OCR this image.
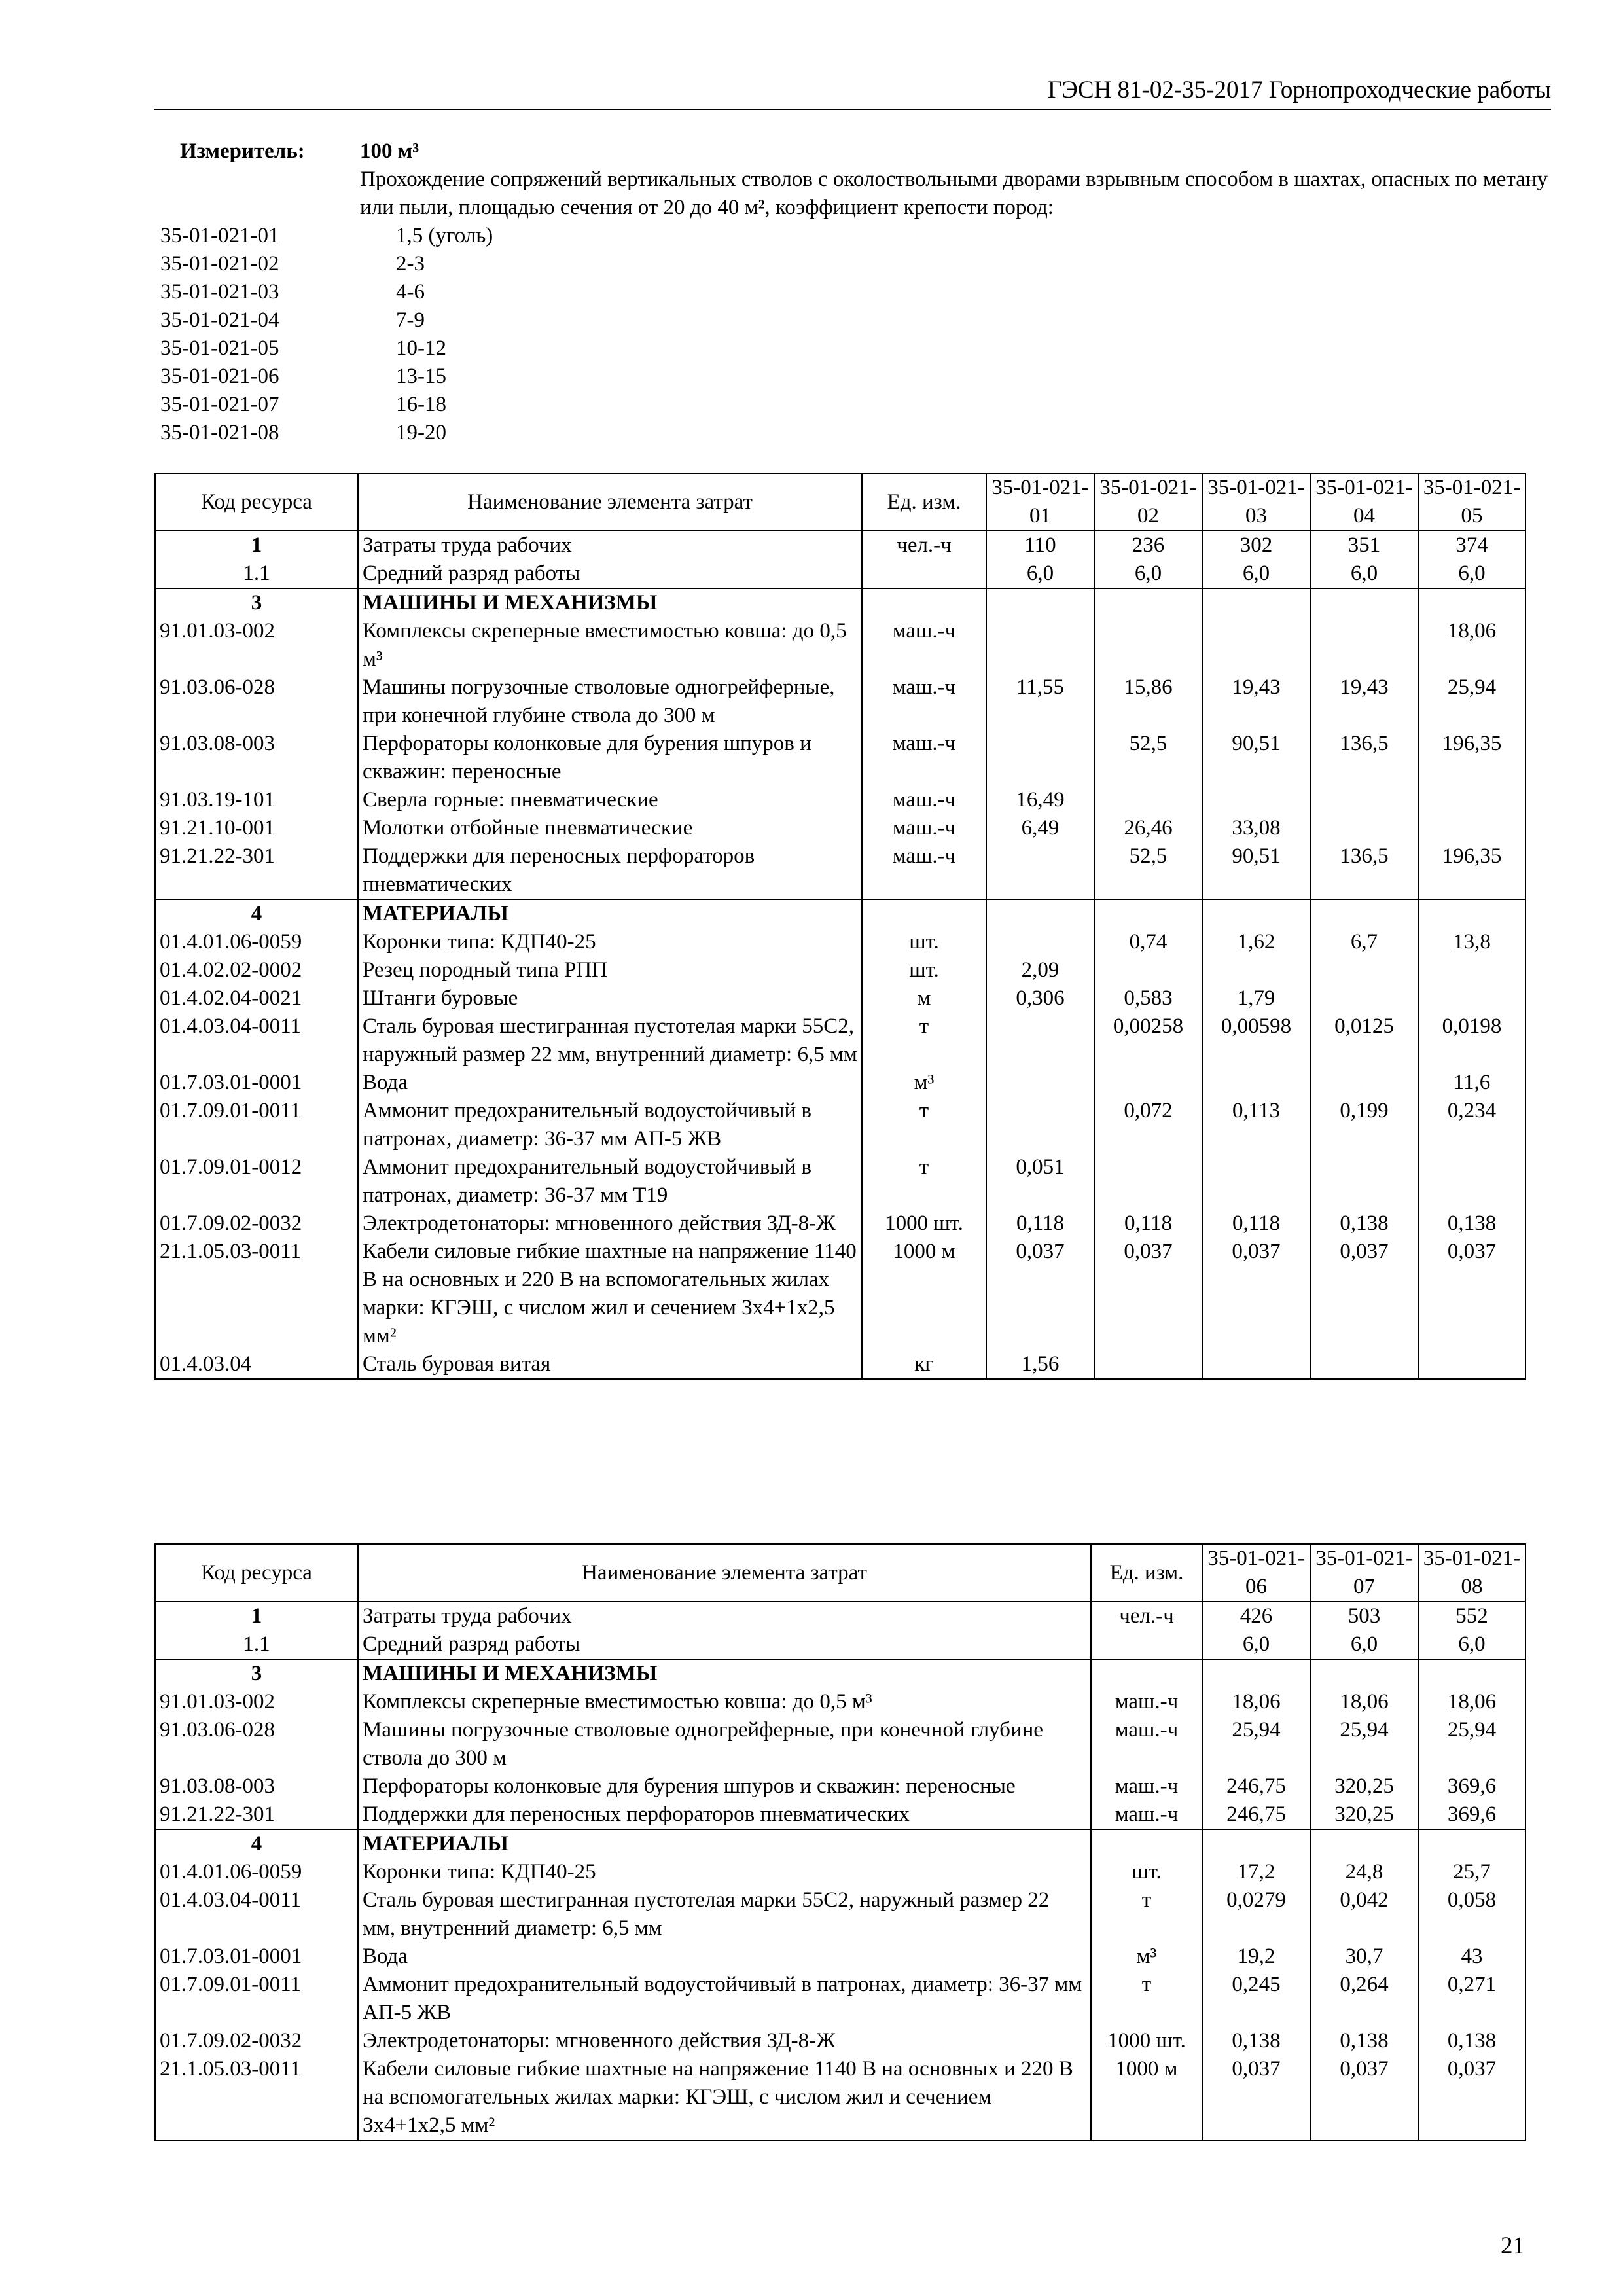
ГЭСН 81-02-35-2017 Горнопроходческие работы
Измеритель:	100 м³
Прохождение сопряжений вертикальных стволов с околоствольными дворами взрывным способом в шахтах, опасных по метану или пыли, площадью сечения от 20 до 40 м², коэффициент крепости пород:
35-01-021-01	1,5 (уголь)
35-01-021-02	2-3
35-01-021-03	4-6
35-01-021-04	7-9
35-01-021-05	10-12
35-01-021-06	13-15
35-01-021-07	16-18
35-01-021-08	19-20
Код ресурса	Наименование элемента затрат	Ед. изм.	35-01-021-01	35-01-021-02	35-01-021-03	35-01-021-04	35-01-021-05
1	Затраты труда рабочих	чел.-ч	110	236	302	351	374
1.1	Средний разряд работы		6,0	6,0	6,0	6,0	6,0
3	МАШИНЫ И МЕХАНИЗМЫ						
91.01.03-002	Комплексы скреперные вместимостью ковша: до 0,5 м³	маш.-ч					18,06
91.03.06-028	Машины погрузочные стволовые одногрейферные, при конечной глубине ствола до 300 м	маш.-ч	11,55	15,86	19,43	19,43	25,94
91.03.08-003	Перфораторы колонковые для бурения шпуров и скважин: переносные	маш.-ч		52,5	90,51	136,5	196,35
91.03.19-101	Сверла горные: пневматические	маш.-ч	16,49				
91.21.10-001	Молотки отбойные пневматические	маш.-ч	6,49	26,46	33,08		
91.21.22-301	Поддержки для переносных перфораторов пневматических	маш.-ч		52,5	90,51	136,5	196,35
4	МАТЕРИАЛЫ						
01.4.01.06-0059	Коронки типа: КДП40-25	шт.		0,74	1,62	6,7	13,8
01.4.02.02-0002	Резец породный типа РПП	шт.	2,09				
01.4.02.04-0021	Штанги буровые	м	0,306	0,583	1,79		
01.4.03.04-0011	Сталь буровая шестигранная пустотелая марки 55С2, наружный размер 22 мм, внутренний диаметр: 6,5 мм	т		0,00258	0,00598	0,0125	0,0198
01.7.03.01-0001	Вода	м³					11,6
01.7.09.01-0011	Аммонит предохранительный водоустойчивый в патронах, диаметр: 36-37 мм АП-5 ЖВ	т		0,072	0,113	0,199	0,234
01.7.09.01-0012	Аммонит предохранительный водоустойчивый в патронах, диаметр: 36-37 мм Т19	т	0,051				
01.7.09.02-0032	Электродетонаторы: мгновенного действия ЗД-8-Ж	1000 шт.	0,118	0,118	0,118	0,138	0,138
21.1.05.03-0011	Кабели силовые гибкие шахтные на напряжение 1140 В на основных и 220 В на вспомогательных жилах марки: КГЭШ, с числом жил и сечением 3х4+1х2,5 мм²	1000 м	0,037	0,037	0,037	0,037	0,037
01.4.03.04	Сталь буровая витая	кг	1,56				
Код ресурса	Наименование элемента затрат	Ед. изм.	35-01-021-06	35-01-021-07	35-01-021-08
1	Затраты труда рабочих	чел.-ч	426	503	552
1.1	Средний разряд работы		6,0	6,0	6,0
3	МАШИНЫ И МЕХАНИЗМЫ				
91.01.03-002	Комплексы скреперные вместимостью ковша: до 0,5 м³	маш.-ч	18,06	18,06	18,06
91.03.06-028	Машины погрузочные стволовые одногрейферные, при конечной глубине ствола до 300 м	маш.-ч	25,94	25,94	25,94
91.03.08-003	Перфораторы колонковые для бурения шпуров и скважин: переносные	маш.-ч	246,75	320,25	369,6
91.21.22-301	Поддержки для переносных перфораторов пневматических	маш.-ч	246,75	320,25	369,6
4	МАТЕРИАЛЫ				
01.4.01.06-0059	Коронки типа: КДП40-25	шт.	17,2	24,8	25,7
01.4.03.04-0011	Сталь буровая шестигранная пустотелая марки 55С2, наружный размер 22 мм, внутренний диаметр: 6,5 мм	т	0,0279	0,042	0,058
01.7.03.01-0001	Вода	м³	19,2	30,7	43
01.7.09.01-0011	Аммонит предохранительный водоустойчивый в патронах, диаметр: 36-37 мм АП-5 ЖВ	т	0,245	0,264	0,271
01.7.09.02-0032	Электродетонаторы: мгновенного действия ЗД-8-Ж	1000 шт.	0,138	0,138	0,138
21.1.05.03-0011	Кабели силовые гибкие шахтные на напряжение 1140 В на основных и 220 В на вспомогательных жилах марки: КГЭШ, с числом жил и сечением 3х4+1х2,5 мм²	1000 м	0,037	0,037	0,037
21
